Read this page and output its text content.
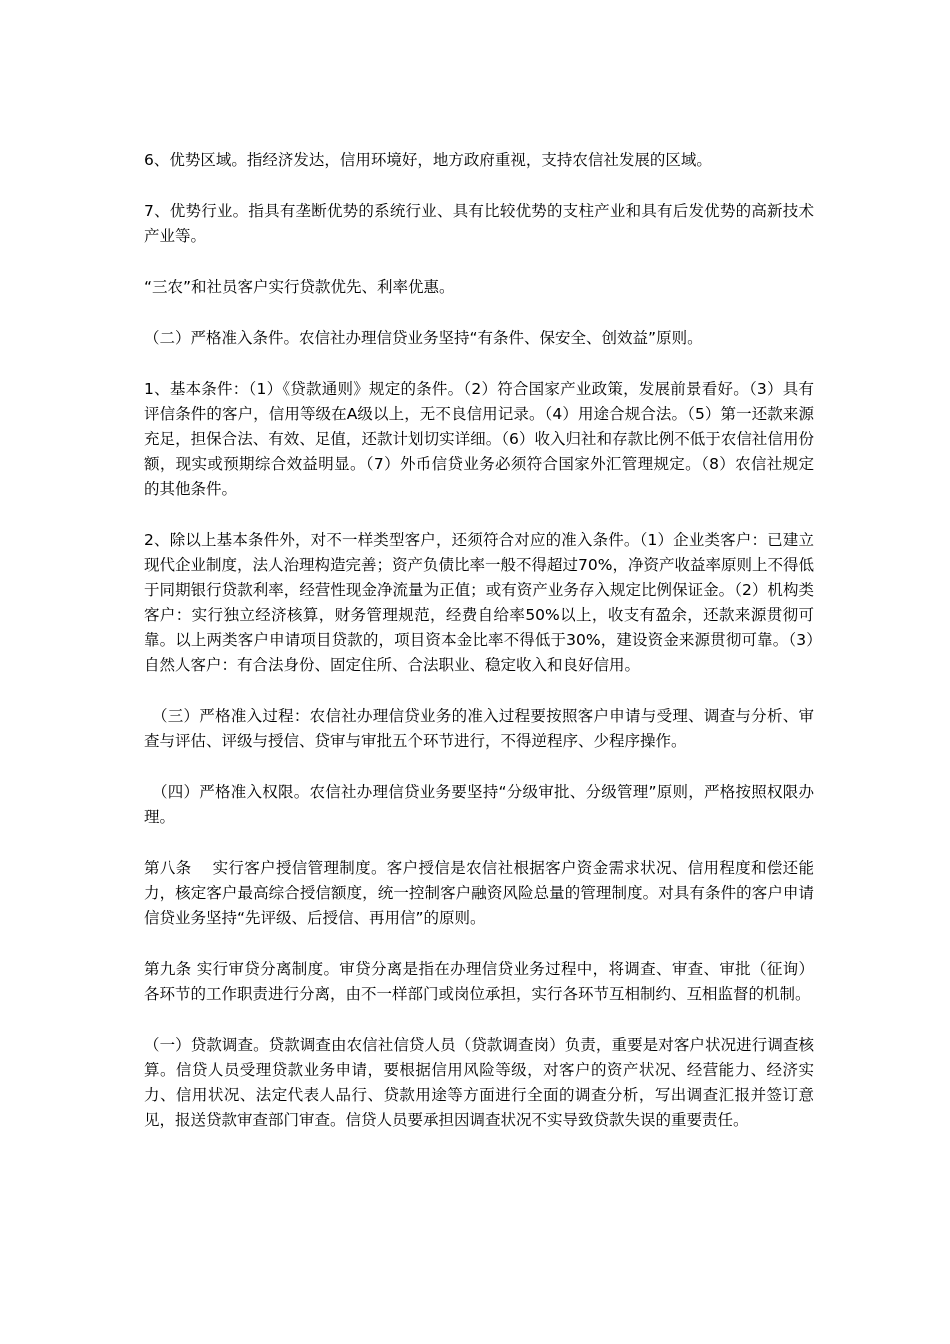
6、优势区域。指经济发达，信用环境好，地方政府重视，支持农信社发展的区域。

7、优势行业。指具有垄断优势的系统行业、具有比较优势的支柱产业和具有后发优势的高新技术产业等。

“三农”和社员客户实行贷款优先、利率优惠。

（二）严格准入条件。农信社办理信贷业务坚持“有条件、保安全、创效益”原则。

1、基本条件：（1）《贷款通则》规定的条件。（2）符合国家产业政策，发展前景看好。（3）具有评信条件的客户，信用等级在A级以上，无不良信用记录。（4）用途合规合法。（5）第一还款来源充足，担保合法、有效、足值，还款计划切实详细。（6）收入归社和存款比例不低于农信社信用份额，现实或预期综合效益明显。（7）外币信贷业务必须符合国家外汇管理规定。（8）农信社规定的其他条件。

2、除以上基本条件外，对不一样类型客户，还须符合对应的准入条件。（1）企业类客户：已建立现代企业制度，法人治理构造完善；资产负债比率一般不得超过70%，净资产收益率原则上不得低于同期银行贷款利率，经营性现金净流量为正值；或有资产业务存入规定比例保证金。（2）机构类客户：实行独立经济核算，财务管理规范，经费自给率50%以上，收支有盈余，还款来源贯彻可靠。以上两类客户申请项目贷款的，项目资本金比率不得低于30%，建设资金来源贯彻可靠。（3）自然人客户：有合法身份、固定住所、合法职业、稳定收入和良好信用。

（三）严格准入过程：农信社办理信贷业务的准入过程要按照客户申请与受理、调查与分析、审查与评估、评级与授信、贷审与审批五个环节进行，不得逆程序、少程序操作。

（四）严格准入权限。农信社办理信贷业务要坚持“分级审批、分级管理”原则，严格按照权限办理。

第八条　 实行客户授信管理制度。客户授信是农信社根据客户资金需求状况、信用程度和偿还能力，核定客户最高综合授信额度，统一控制客户融资风险总量的管理制度。对具有条件的客户申请信贷业务坚持“先评级、后授信、再用信”的原则。

第九条 实行审贷分离制度。审贷分离是指在办理信贷业务过程中，将调查、审查、审批（征询）各环节的工作职责进行分离，由不一样部门或岗位承担，实行各环节互相制约、互相监督的机制。

（一）贷款调查。贷款调查由农信社信贷人员（贷款调查岗）负责，重要是对客户状况进行调查核算。信贷人员受理贷款业务申请，要根据信用风险等级，对客户的资产状况、经营能力、经济实力、信用状况、法定代表人品行、贷款用途等方面进行全面的调查分析，写出调查汇报并签订意见，报送贷款审查部门审查。信贷人员要承担因调查状况不实导致贷款失误的重要责任。
